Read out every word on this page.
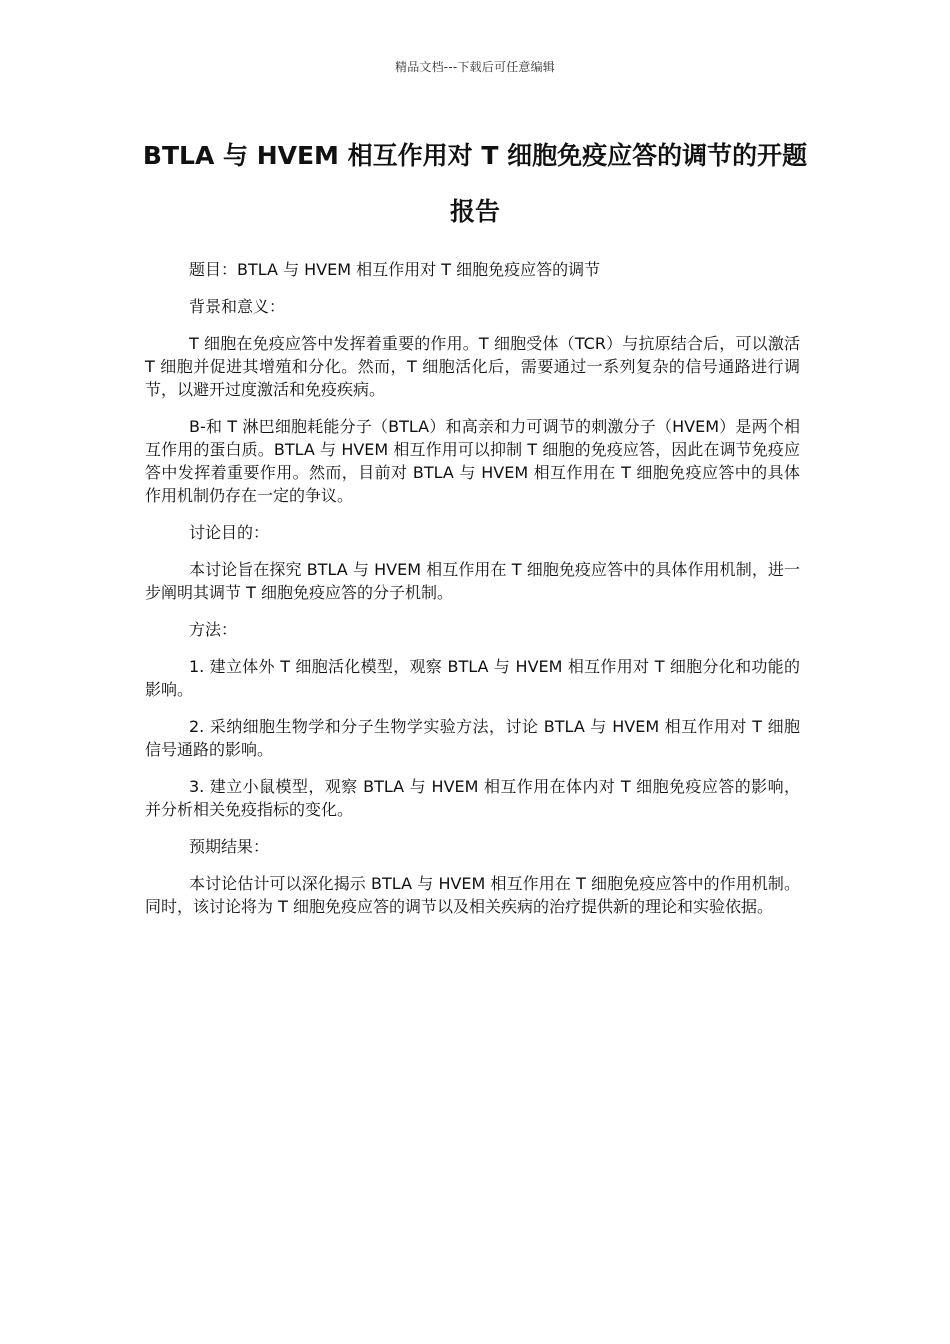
精品文档---下载后可任意编辑
BTLA 与 HVEM 相互作用对 T 细胞免疫应答的调节的开题报告

题目：BTLA 与 HVEM 相互作用对 T 细胞免疫应答的调节

背景和意义：

T 细胞在免疫应答中发挥着重要的作用。T 细胞受体（TCR）与抗原结合后，可以激活 T 细胞并促进其增殖和分化。然而，T 细胞活化后，需要通过一系列复杂的信号通路进行调节，以避开过度激活和免疫疾病。

B-和 T 淋巴细胞耗能分子（BTLA）和高亲和力可调节的刺激分子（HVEM）是两个相互作用的蛋白质。BTLA 与 HVEM 相互作用可以抑制 T 细胞的免疫应答，因此在调节免疫应答中发挥着重要作用。然而，目前对 BTLA 与 HVEM 相互作用在 T 细胞免疫应答中的具体作用机制仍存在一定的争议。

讨论目的：

本讨论旨在探究 BTLA 与 HVEM 相互作用在 T 细胞免疫应答中的具体作用机制，进一步阐明其调节 T 细胞免疫应答的分子机制。

方法：

1. 建立体外 T 细胞活化模型，观察 BTLA 与 HVEM 相互作用对 T 细胞分化和功能的影响。

2. 采纳细胞生物学和分子生物学实验方法，讨论 BTLA 与 HVEM 相互作用对 T 细胞信号通路的影响。

3. 建立小鼠模型，观察 BTLA 与 HVEM 相互作用在体内对 T 细胞免疫应答的影响，并分析相关免疫指标的变化。

预期结果：

本讨论估计可以深化揭示 BTLA 与 HVEM 相互作用在 T 细胞免疫应答中的作用机制。同时，该讨论将为 T 细胞免疫应答的调节以及相关疾病的治疗提供新的理论和实验依据。
